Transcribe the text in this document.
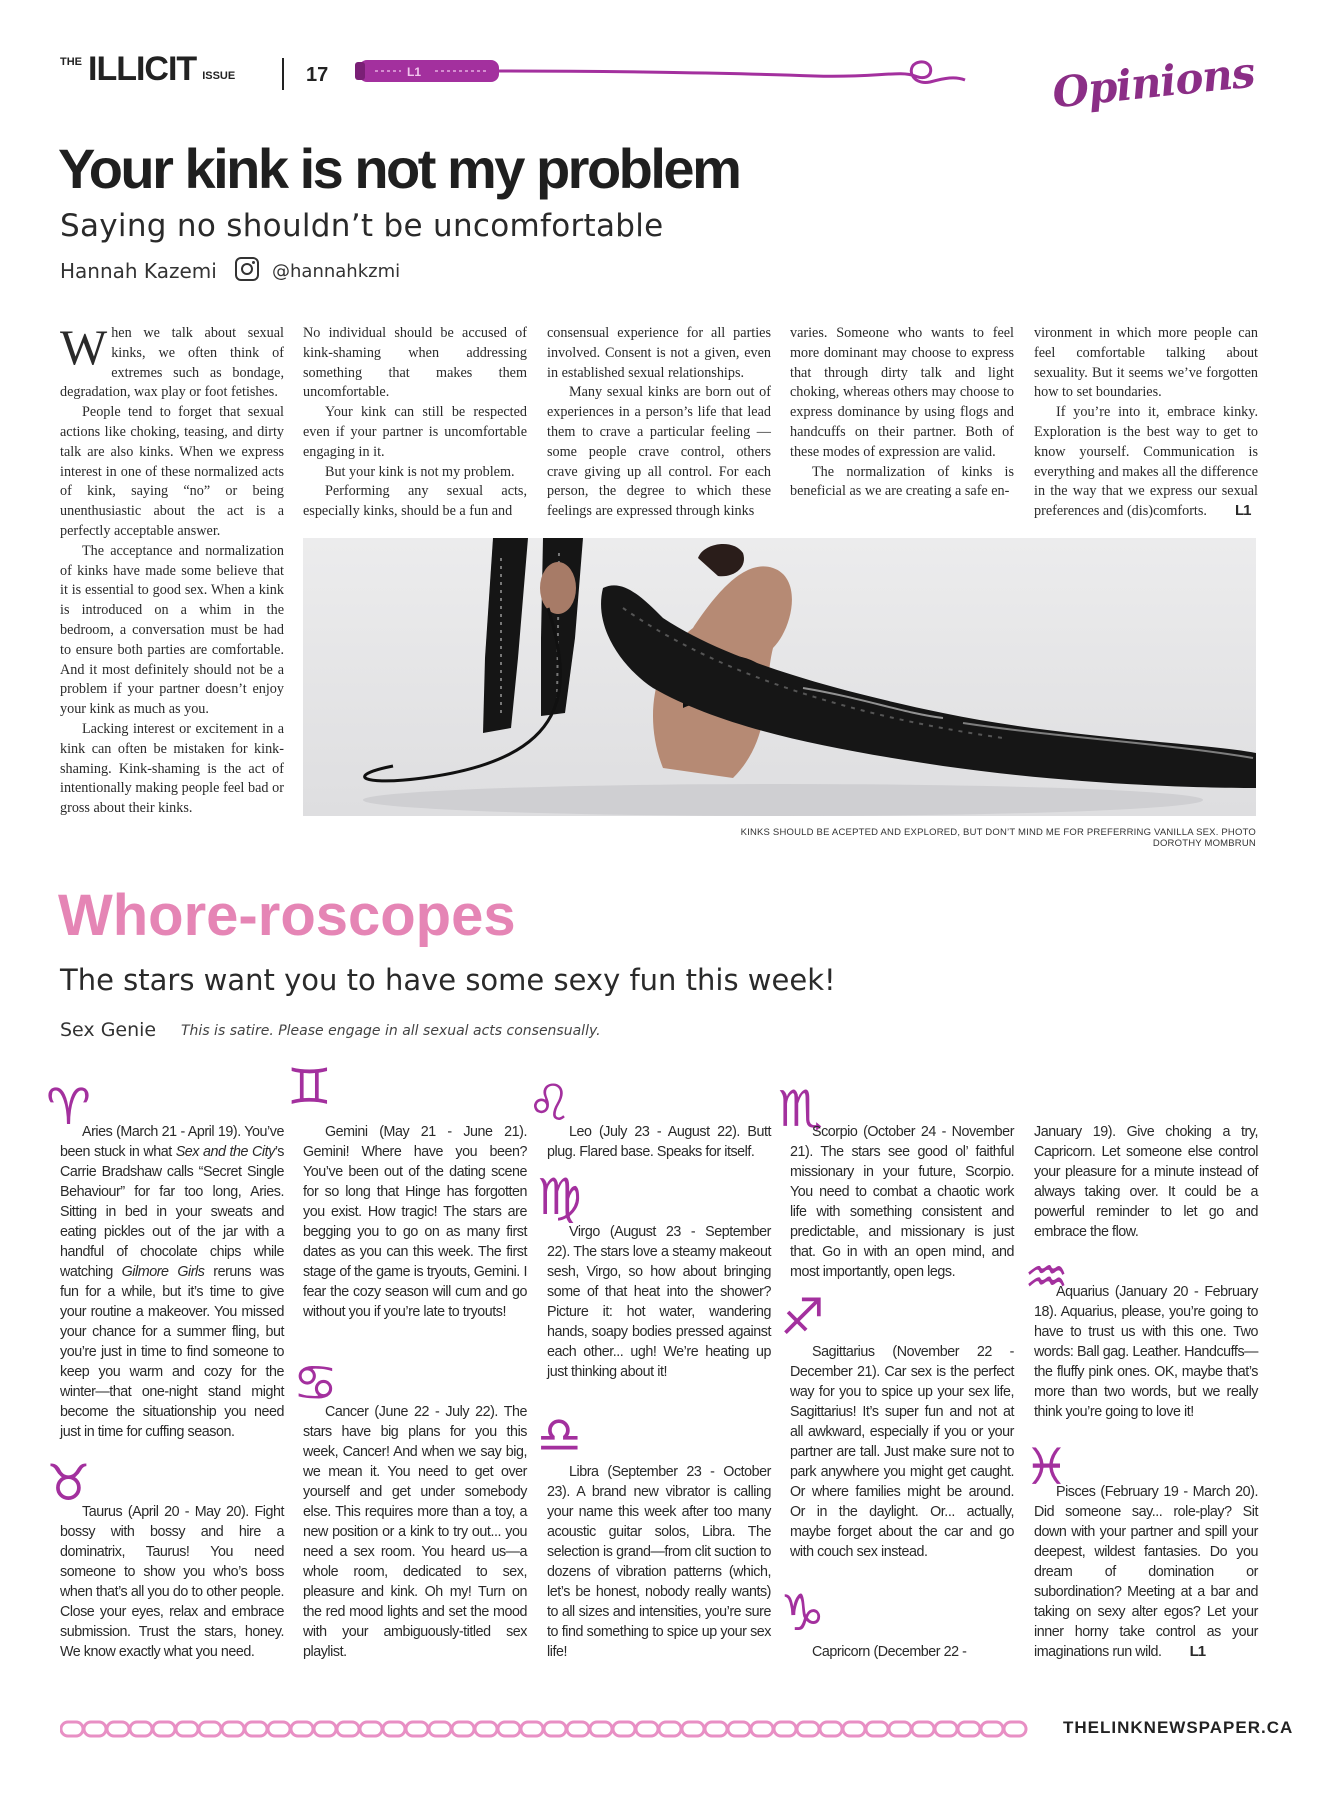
THE ILLICIT ISSUE	17	L1	Opinions
Your kink is not my problem
Saying no shouldn’t be uncomfortable
Hannah Kazemi	@hannahkzmi

When we talk about sexual kinks, we often think of extremes such as bondage, degradation, wax play or foot fetishes.

People tend to forget that sexual actions like choking, teasing, and dirty talk are also kinks. When we express interest in one of these normalized acts of kink, saying “no” or being unenthusiastic about the act is a perfectly acceptable answer.

The acceptance and normalization of kinks have made some believe that it is essential to good sex. When a kink is introduced on a whim in the bedroom, a conversation must be had to ensure both parties are comfortable. And it most definitely should not be a problem if your partner doesn’t enjoy your kink as much as you.

Lacking interest or excitement in a kink can often be mistaken for kink-shaming. Kink-shaming is the act of intentionally making people feel bad or gross about their kinks.

No individual should be accused of kink-shaming when addressing something that makes them uncomfortable.

Your kink can still be respected even if your partner is uncomfortable engaging in it.

But your kink is not my problem.

Performing any sexual acts, especially kinks, should be a fun and

consensual experience for all parties involved. Consent is not a given, even in established sexual relationships.

Many sexual kinks are born out of experiences in a person’s life that lead them to crave a particular feeling — some people crave control, others crave giving up all control. For each person, the degree to which these feelings are expressed through kinks

varies. Someone who wants to feel more dominant may choose to express that through dirty talk and light choking, whereas others may choose to express dominance by using flogs and handcuffs on their partner. Both of these modes of expression are valid.

The normalization of kinks is beneficial as we are creating a safe en-

vironment in which more people can feel comfortable talking about sexuality. But it seems we’ve forgotten how to set boundaries.

If you’re into it, embrace kinky. Exploration is the best way to get to know yourself. Communication is everything and makes all the difference in the way that we express our sexual preferences and (dis)comforts. L1

KINKS SHOULD BE ACEPTED AND EXPLORED, BUT DON’T MIND ME FOR PREFERRING VANILLA SEX. PHOTO DOROTHY MOMBRUN
Whore-roscopes
The stars want you to have some sexy fun this week!
Sex Genie This is satire. Please engage in all sexual acts consensually.
♈
♉
♊
♋
♌
♍
♎
♏
♐
♑
♒
♓

Aries (March 21 - April 19). You’ve been stuck in what Sex and the City’s Carrie Bradshaw calls “Secret Single Behaviour” for far too long, Aries. Sitting in bed in your sweats and eating pickles out of the jar with a handful of chocolate chips while watching Gilmore Girls reruns was fun for a while, but it’s time to give your routine a makeover. You missed your chance for a summer fling, but you’re just in time to find someone to keep you warm and cozy for the winter—that one-night stand might become the situationship you need just in time for cuffing season.

Taurus (April 20 - May 20). Fight bossy with bossy and hire a dominatrix, Taurus! You need someone to show you who’s boss when that’s all you do to other people. Close your eyes, relax and embrace submission. Trust the stars, honey. We know exactly what you need.

Gemini (May 21 - June 21). Gemini! Where have you been? You’ve been out of the dating scene for so long that Hinge has forgotten you exist. How tragic! The stars are begging you to go on as many first dates as you can this week. The first stage of the game is tryouts, Gemini. I fear the cozy season will cum and go without you if you’re late to tryouts!

Cancer (June 22 - July 22). The stars have big plans for you this week, Cancer! And when we say big, we mean it. You need to get over yourself and get under somebody else. This requires more than a toy, a new position or a kink to try out... you need a sex room. You heard us—a whole room, dedicated to sex, pleasure and kink. Oh my! Turn on the red mood lights and set the mood with your ambiguously-titled sex playlist.

Leo (July 23 - August 22). Butt plug. Flared base. Speaks for itself.

Virgo (August 23 - September 22). The stars love a steamy makeout sesh, Virgo, so how about bringing some of that heat into the shower? Picture it: hot water, wandering hands, soapy bodies pressed against each other... ugh! We’re heating up just thinking about it!

Libra (September 23 - October 23). A brand new vibrator is calling your name this week after too many acoustic guitar solos, Libra. The selection is grand—from clit suction to dozens of vibration patterns (which, let’s be honest, nobody really wants) to all sizes and intensities, you’re sure to find something to spice up your sex life!

Scorpio (October 24 - November 21). The stars see good ol’ faithful missionary in your future, Scorpio. You need to combat a chaotic work life with something consistent and predictable, and missionary is just that. Go in with an open mind, and most importantly, open legs.

Sagittarius (November 22 - December 21). Car sex is the perfect way for you to spice up your sex life, Sagittarius! It’s super fun and not at all awkward, especially if you or your partner are tall. Just make sure not to park anywhere you might get caught. Or where families might be around. Or in the daylight. Or... actually, maybe forget about the car and go with couch sex instead.

Capricorn (December 22 -

January 19). Give choking a try, Capricorn. Let someone else control your pleasure for a minute instead of always taking over. It could be a powerful reminder to let go and embrace the flow.

Aquarius (January 20 - February 18). Aquarius, please, you’re going to have to trust us with this one. Two words: Ball gag. Leather. Handcuffs—the fluffy pink ones. OK, maybe that’s more than two words, but we really think you’re going to love it!

Pisces (February 19 - March 20). Did someone say... role-play? Sit down with your partner and spill your deepest, wildest fantasies. Do you dream of domination or subordination? Meeting at a bar and taking on sexy alter egos? Let your inner horny take control as your imaginations run wild. L1

THELINKNEWSPAPER.CA
